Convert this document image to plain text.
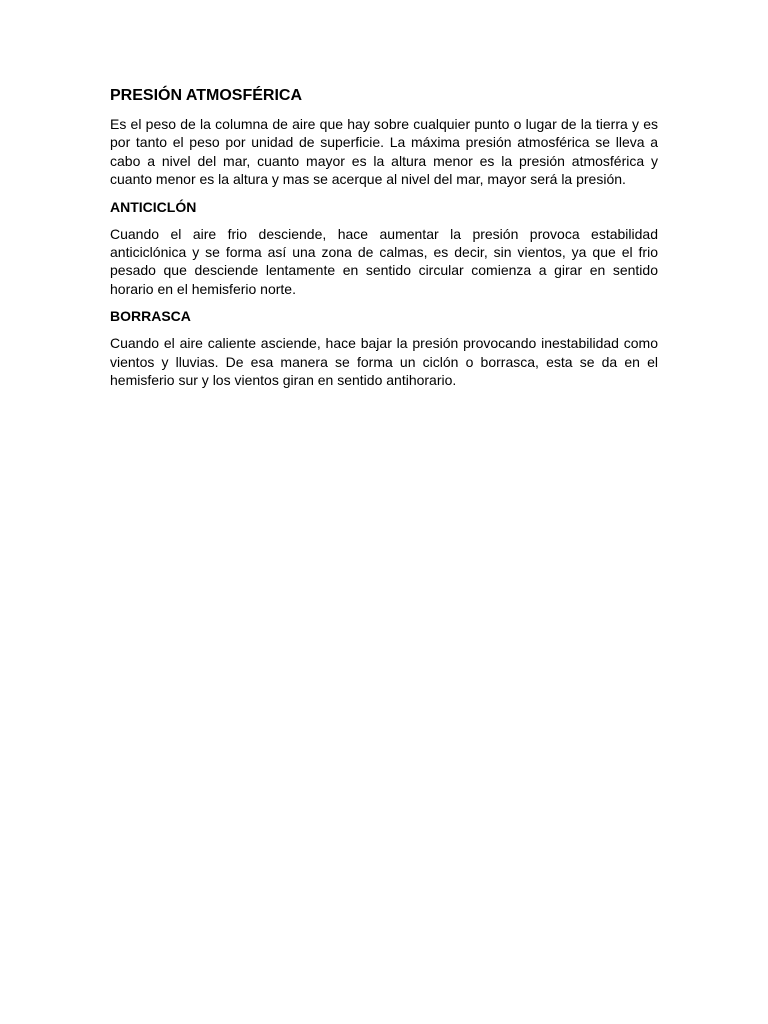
PRESIÓN ATMOSFÉRICA

Es el peso de la columna de aire que hay sobre cualquier punto o lugar de la tierra y es por tanto el peso por unidad de superficie. La máxima presión atmosférica se lleva a cabo a nivel del mar, cuanto mayor es la altura menor es la presión atmosférica y cuanto menor es la altura y mas se acerque al nivel del mar, mayor será la presión.

ANTICICLÓN

Cuando el aire frio desciende, hace aumentar la presión provoca estabilidad anticiclónica y se forma así una zona de calmas, es decir, sin vientos, ya que el frio pesado que desciende lentamente en sentido circular comienza a girar en sentido horario en el hemisferio norte.

BORRASCA

Cuando el aire caliente asciende, hace bajar la presión provocando inestabilidad como vientos y lluvias. De esa manera se forma un ciclón o borrasca, esta se da en el hemisferio sur y los vientos giran en sentido antihorario.
